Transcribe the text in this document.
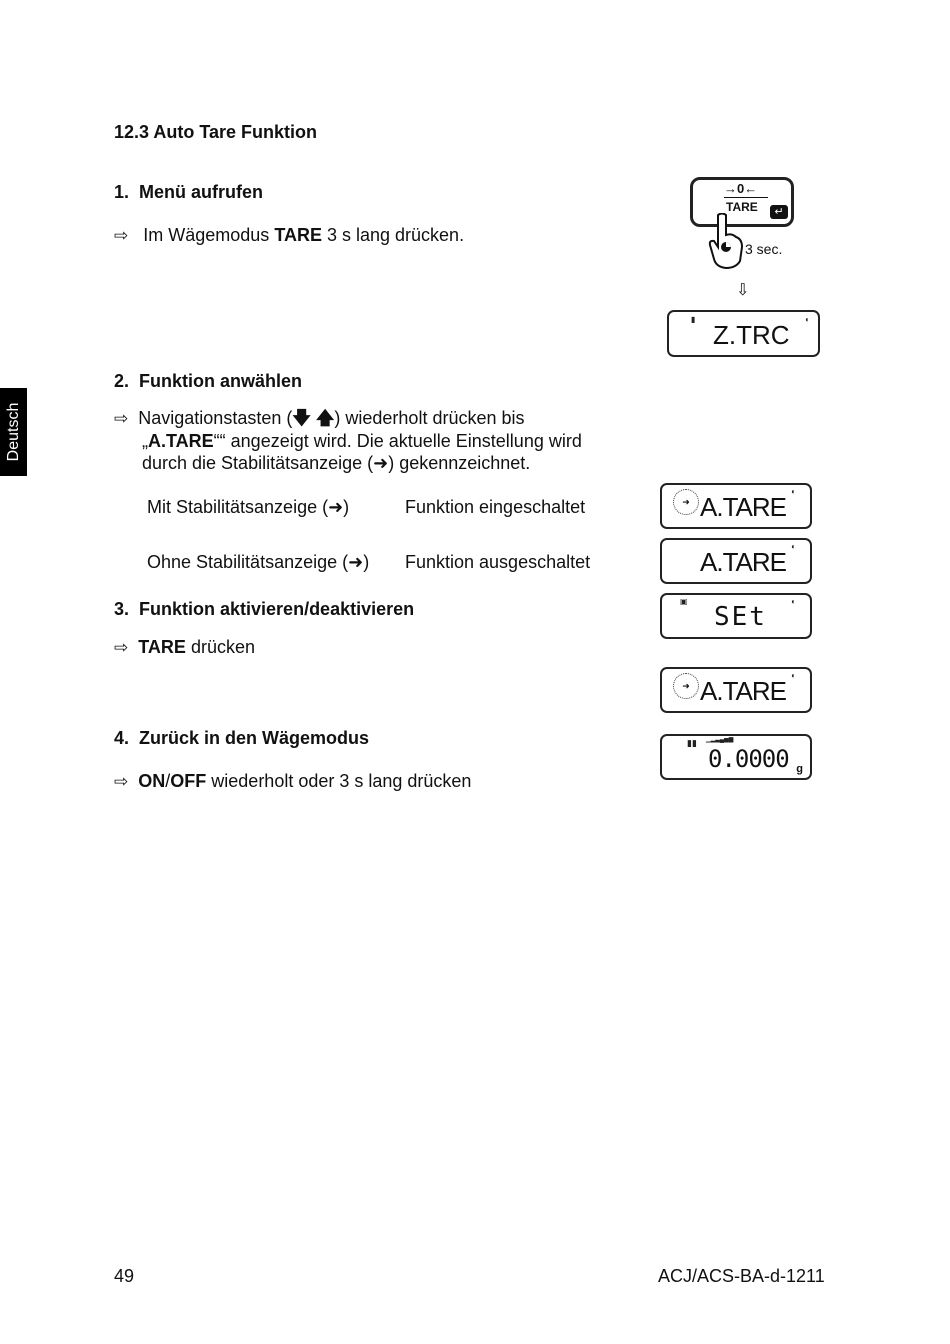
Deutsch
12.3 Auto Tare Funktion
1. Menü aufrufen
⇨ Im Wägemodus TARE 3 s lang drücken.
2. Funktion anwählen
⇨ Navigationstasten (🡇 🡅) wiederholt drücken bis
„A.TARE““ angezeigt wird. Die aktuelle Einstellung wird
durch die Stabilitätsanzeige (➜) gekennzeichnet.
Mit Stabilitätsanzeige (➜)	Funktion eingeschaltet
Ohne Stabilitätsanzeige (➜) Funktion ausgeschaltet
3. Funktion aktivieren/deaktivieren
⇨ TARE drücken
4. Zurück in den Wägemodus
⇨ ON/OFF wiederholt oder 3 s lang drücken
→0←
TARE	↵
3 sec.
⇩
▮	◐
Z.TRC
➜
◐
A.TARE
◐
A.TARE
▣	◐
SEt
➜
◐
A.TARE
▮▮ ▁▂▃▄▅▆
0.0000 g
49	ACJ/ACS-BA-d-1211
